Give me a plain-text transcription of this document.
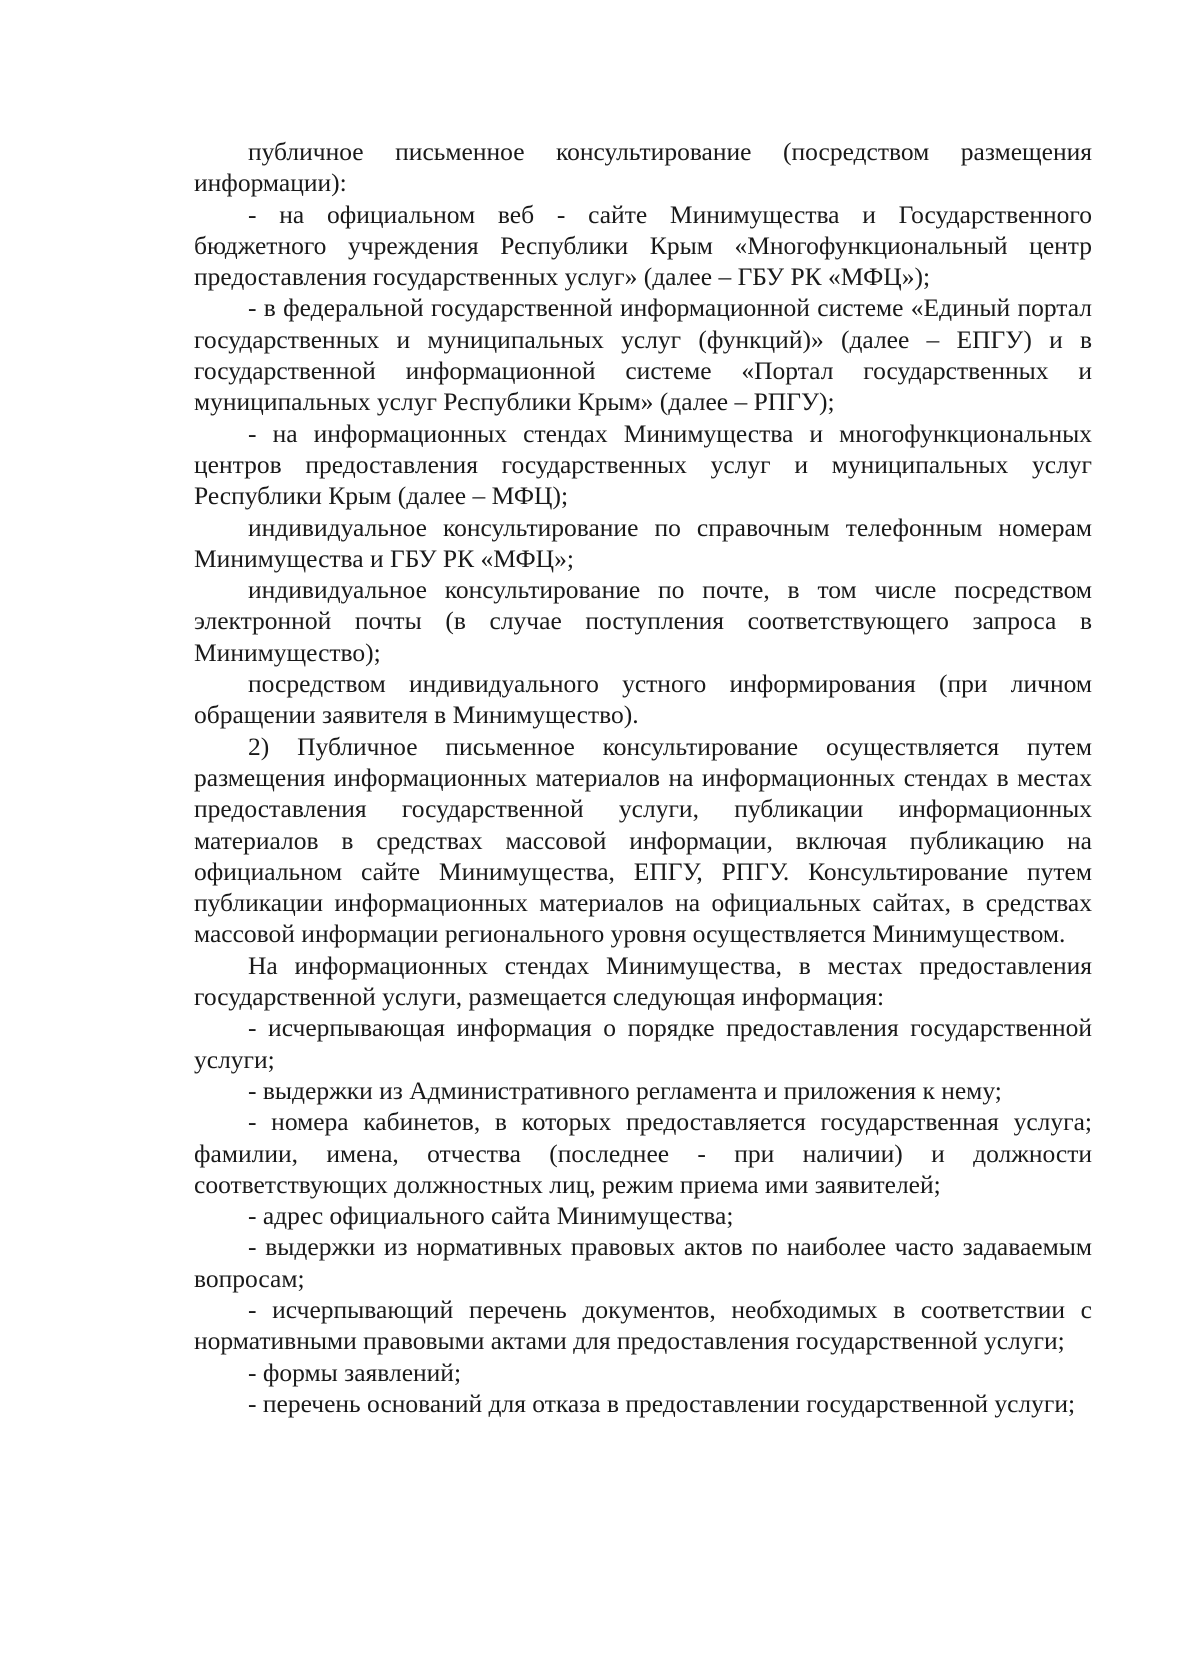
публичное письменное консультирование (посредством размещения информации):

- на официальном веб - сайте Минимущества и Государственного бюджетного учреждения Республики Крым «Многофункциональный центр предоставления государственных услуг» (далее – ГБУ РК «МФЦ»);

- в федеральной государственной информационной системе «Единый портал государственных и муниципальных услуг (функций)» (далее – ЕПГУ) и в государственной информационной системе «Портал государственных и муниципальных услуг Республики Крым» (далее – РПГУ);

- на информационных стендах Минимущества и многофункциональных центров предоставления государственных услуг и муниципальных услуг Республики Крым (далее – МФЦ);

индивидуальное консультирование по справочным телефонным номерам Минимущества и ГБУ РК «МФЦ»;

индивидуальное консультирование по почте, в том числе посредством электронной почты (в случае поступления соответствующего запроса в Минимущество);

посредством индивидуального устного информирования (при личном обращении заявителя в Минимущество).

2) Публичное письменное консультирование осуществляется путем размещения информационных материалов на информационных стендах в местах предоставления государственной услуги, публикации информационных материалов в средствах массовой информации, включая публикацию на официальном сайте Минимущества, ЕПГУ, РПГУ. Консультирование путем публикации информационных материалов на официальных сайтах, в средствах массовой информации регионального уровня осуществляется Минимуществом.

На информационных стендах Минимущества, в местах предоставления государственной услуги, размещается следующая информация:

- исчерпывающая информация о порядке предоставления государственной услуги;

- выдержки из Административного регламента и приложения к нему;

- номера кабинетов, в которых предоставляется государственная услуга; фамилии, имена, отчества (последнее - при наличии) и должности соответствующих должностных лиц, режим приема ими заявителей;

- адрес официального сайта Минимущества;

- выдержки из нормативных правовых актов по наиболее часто задаваемым вопросам;

- исчерпывающий перечень документов, необходимых в соответствии с нормативными правовыми актами для предоставления государственной услуги;

- формы заявлений;

- перечень оснований для отказа в предоставлении государственной услуги;
